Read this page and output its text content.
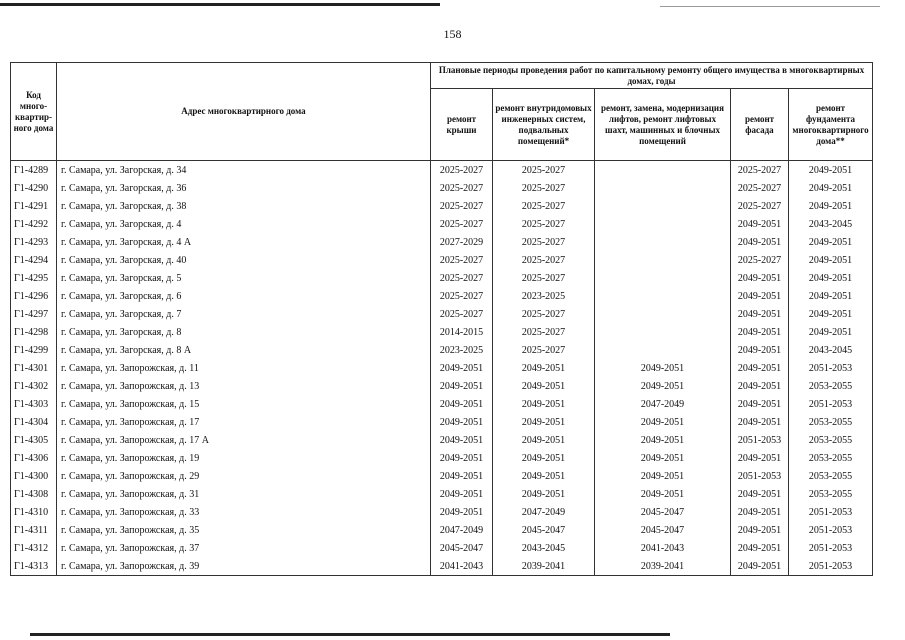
158
Код много-квартир-ного дома	Адрес многоквартирного дома	Плановые периоды проведения работ по капитальному ремонту общего имущества в многоквартирных домах, годы				
		ремонт крыши	ремонт внутридомовых инженерных систем, подвальных помещений*	ремонт, замена, модернизация лифтов, ремонт лифтовых шахт, машинных и блочных помещений	ремонт фасада	ремонт фундамента многоквартирного дома**
Г1-4289	г. Самара, ул. Загорская, д. 34	2025-2027	2025-2027		2025-2027	2049-2051
Г1-4290	г. Самара, ул. Загорская, д. 36	2025-2027	2025-2027		2025-2027	2049-2051
Г1-4291	г. Самара, ул. Загорская, д. 38	2025-2027	2025-2027		2025-2027	2049-2051
Г1-4292	г. Самара, ул. Загорская, д. 4	2025-2027	2025-2027		2049-2051	2043-2045
Г1-4293	г. Самара, ул. Загорская, д. 4 А	2027-2029	2025-2027		2049-2051	2049-2051
Г1-4294	г. Самара, ул. Загорская, д. 40	2025-2027	2025-2027		2025-2027	2049-2051
Г1-4295	г. Самара, ул. Загорская, д. 5	2025-2027	2025-2027		2049-2051	2049-2051
Г1-4296	г. Самара, ул. Загорская, д. 6	2025-2027	2023-2025		2049-2051	2049-2051
Г1-4297	г. Самара, ул. Загорская, д. 7	2025-2027	2025-2027		2049-2051	2049-2051
Г1-4298	г. Самара, ул. Загорская, д. 8	2014-2015	2025-2027		2049-2051	2049-2051
Г1-4299	г. Самара, ул. Загорская, д. 8 А	2023-2025	2025-2027		2049-2051	2043-2045
Г1-4301	г. Самара, ул. Запорожская, д. 11	2049-2051	2049-2051	2049-2051	2049-2051	2051-2053
Г1-4302	г. Самара, ул. Запорожская, д. 13	2049-2051	2049-2051	2049-2051	2049-2051	2053-2055
Г1-4303	г. Самара, ул. Запорожская, д. 15	2049-2051	2049-2051	2047-2049	2049-2051	2051-2053
Г1-4304	г. Самара, ул. Запорожская, д. 17	2049-2051	2049-2051	2049-2051	2049-2051	2053-2055
Г1-4305	г. Самара, ул. Запорожская, д. 17 А	2049-2051	2049-2051	2049-2051	2051-2053	2053-2055
Г1-4306	г. Самара, ул. Запорожская, д. 19	2049-2051	2049-2051	2049-2051	2049-2051	2053-2055
Г1-4300	г. Самара, ул. Запорожская, д. 29	2049-2051	2049-2051	2049-2051	2051-2053	2053-2055
Г1-4308	г. Самара, ул. Запорожская, д. 31	2049-2051	2049-2051	2049-2051	2049-2051	2053-2055
Г1-4310	г. Самара, ул. Запорожская, д. 33	2049-2051	2047-2049	2045-2047	2049-2051	2051-2053
Г1-4311	г. Самара, ул. Запорожская, д. 35	2047-2049	2045-2047	2045-2047	2049-2051	2051-2053
Г1-4312	г. Самара, ул. Запорожская, д. 37	2045-2047	2043-2045	2041-2043	2049-2051	2051-2053
Г1-4313	г. Самара, ул. Запорожская, д. 39	2041-2043	2039-2041	2039-2041	2049-2051	2051-2053
